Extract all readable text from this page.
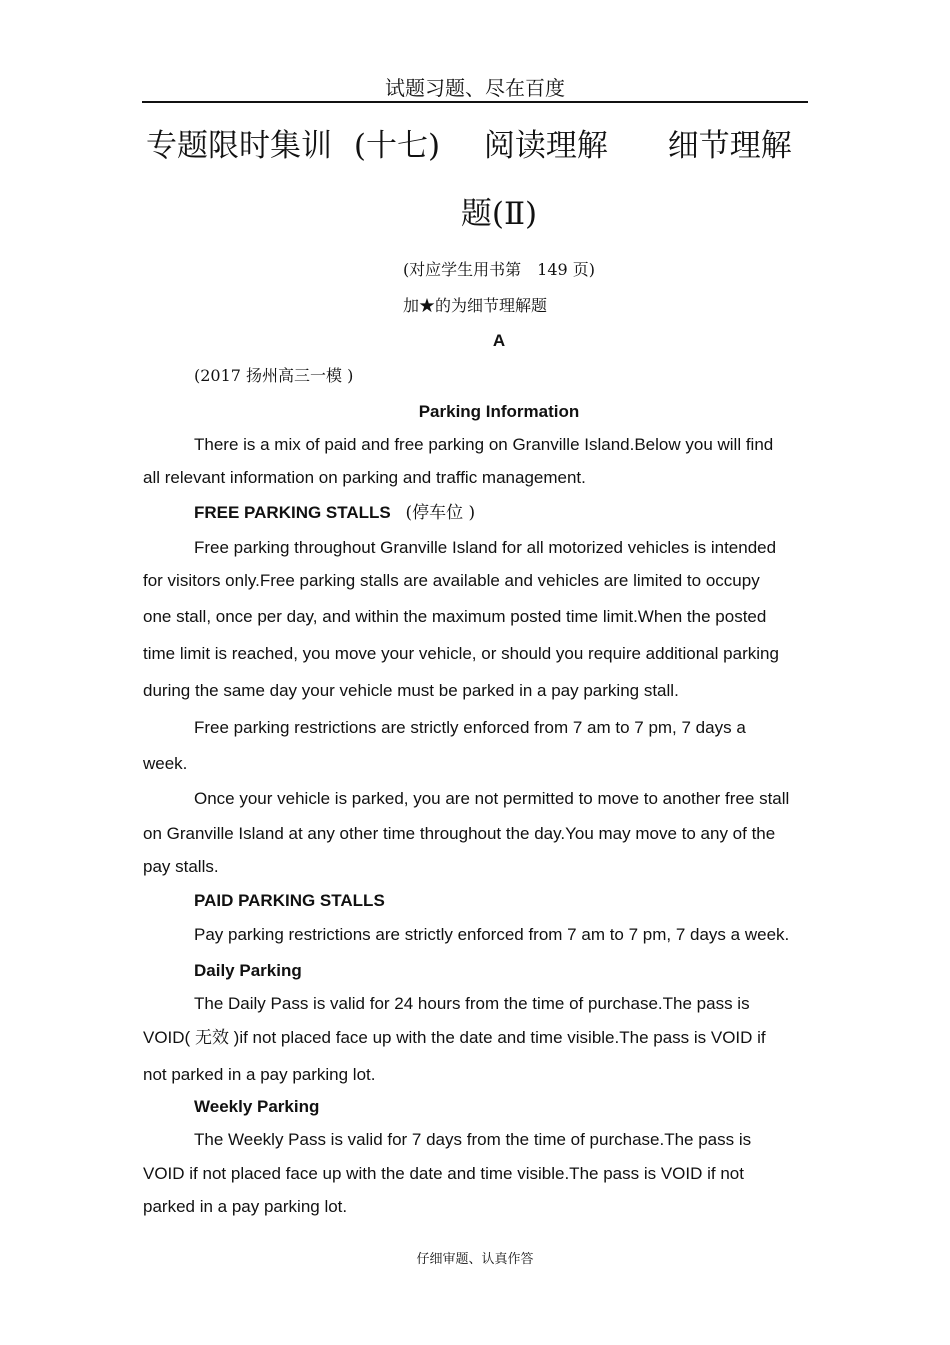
试题习题、尽在百度
专题限时集训 (十七) 阅读理解 细节理解
题(Ⅱ)
(对应学生用书第　149 页)
加★的为细节理解题
A
(2017 扬州高三一模 )
Parking Information
There is a mix of paid and free parking on Granville Island.Below you will find
all relevant information on parking and traffic management.
FREE PARKING STALLS (停车位 )
Free parking throughout Granville Island for all motorized vehicles is intended
for visitors only.Free parking stalls are available and vehicles are limited to occupy
one stall, once per day, and within the maximum posted time limit.When the posted
time limit is reached, you move your vehicle, or should you require additional parking
during the same day your vehicle must be parked in a pay parking stall.
Free parking restrictions are strictly enforced from 7 am to 7 pm, 7 days a
week.
Once your vehicle is parked, you are not permitted to move to another free stall
on Granville Island at any other time throughout the day.You may move to any of the
pay stalls.
PAID PARKING STALLS
Pay parking restrictions are strictly enforced from 7 am to 7 pm, 7 days a week.
Daily Parking
The Daily Pass is valid for 24 hours from the time of purchase.The pass is
VOID( 无效 )if not placed face up with the date and time visible.The pass is VOID if
not parked in a pay parking lot.
Weekly Parking
The Weekly Pass is valid for 7 days from the time of purchase.The pass is
VOID if not placed face up with the date and time visible.The pass is VOID if not
parked in a pay parking lot.
仔细审题、认真作答
